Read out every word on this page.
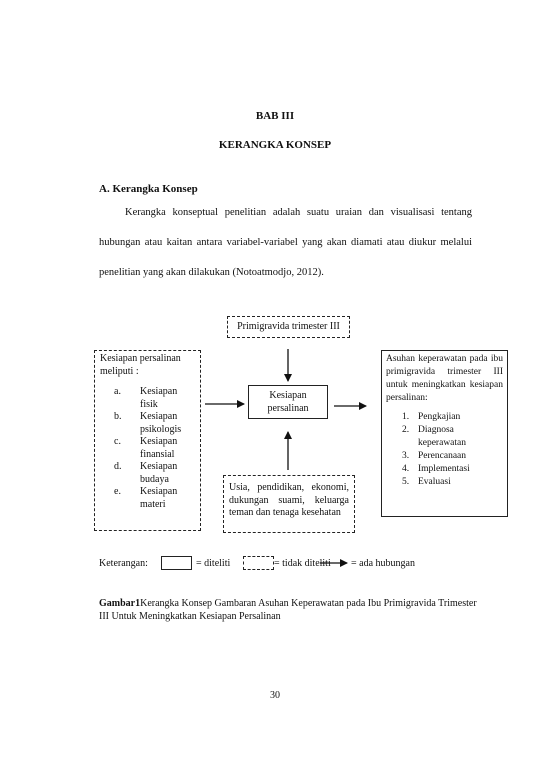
BAB III
KERANGKA KONSEP
A. Kerangka Konsep
Kerangka konseptual penelitian adalah suatu uraian dan visualisasi tentang hubungan atau kaitan antara variabel-variabel yang akan diamati atau diukur melalui penelitian yang akan dilakukan (Notoatmodjo, 2012).
Primigravida trimester III
Kesiapan persalinan meliputi :
a.	Kesiapan fisik
b.	Kesiapan psikologis
c.	Kesiapan finansial
d.	Kesiapan budaya
e.	Kesiapan materi
Kesiapan persalinan
Usia, pendidikan, ekonomi, dukungan suami, keluarga teman dan tenaga kesehatan
Asuhan keperawatan pada ibu primigravida trimester III untuk meningkatkan kesiapan persalinan:
1. Pengkajian
2. Diagnosa keperawatan
3. Perencanaan
4. Implementasi
5. Evaluasi
Keterangan:	= diteliti	= tidak diteliti = ada hubungan
Gambar1Kerangka Konsep Gambaran Asuhan Keperawatan pada Ibu Primigravida Trimester III Untuk Meningkatkan Kesiapan Persalinan
30
